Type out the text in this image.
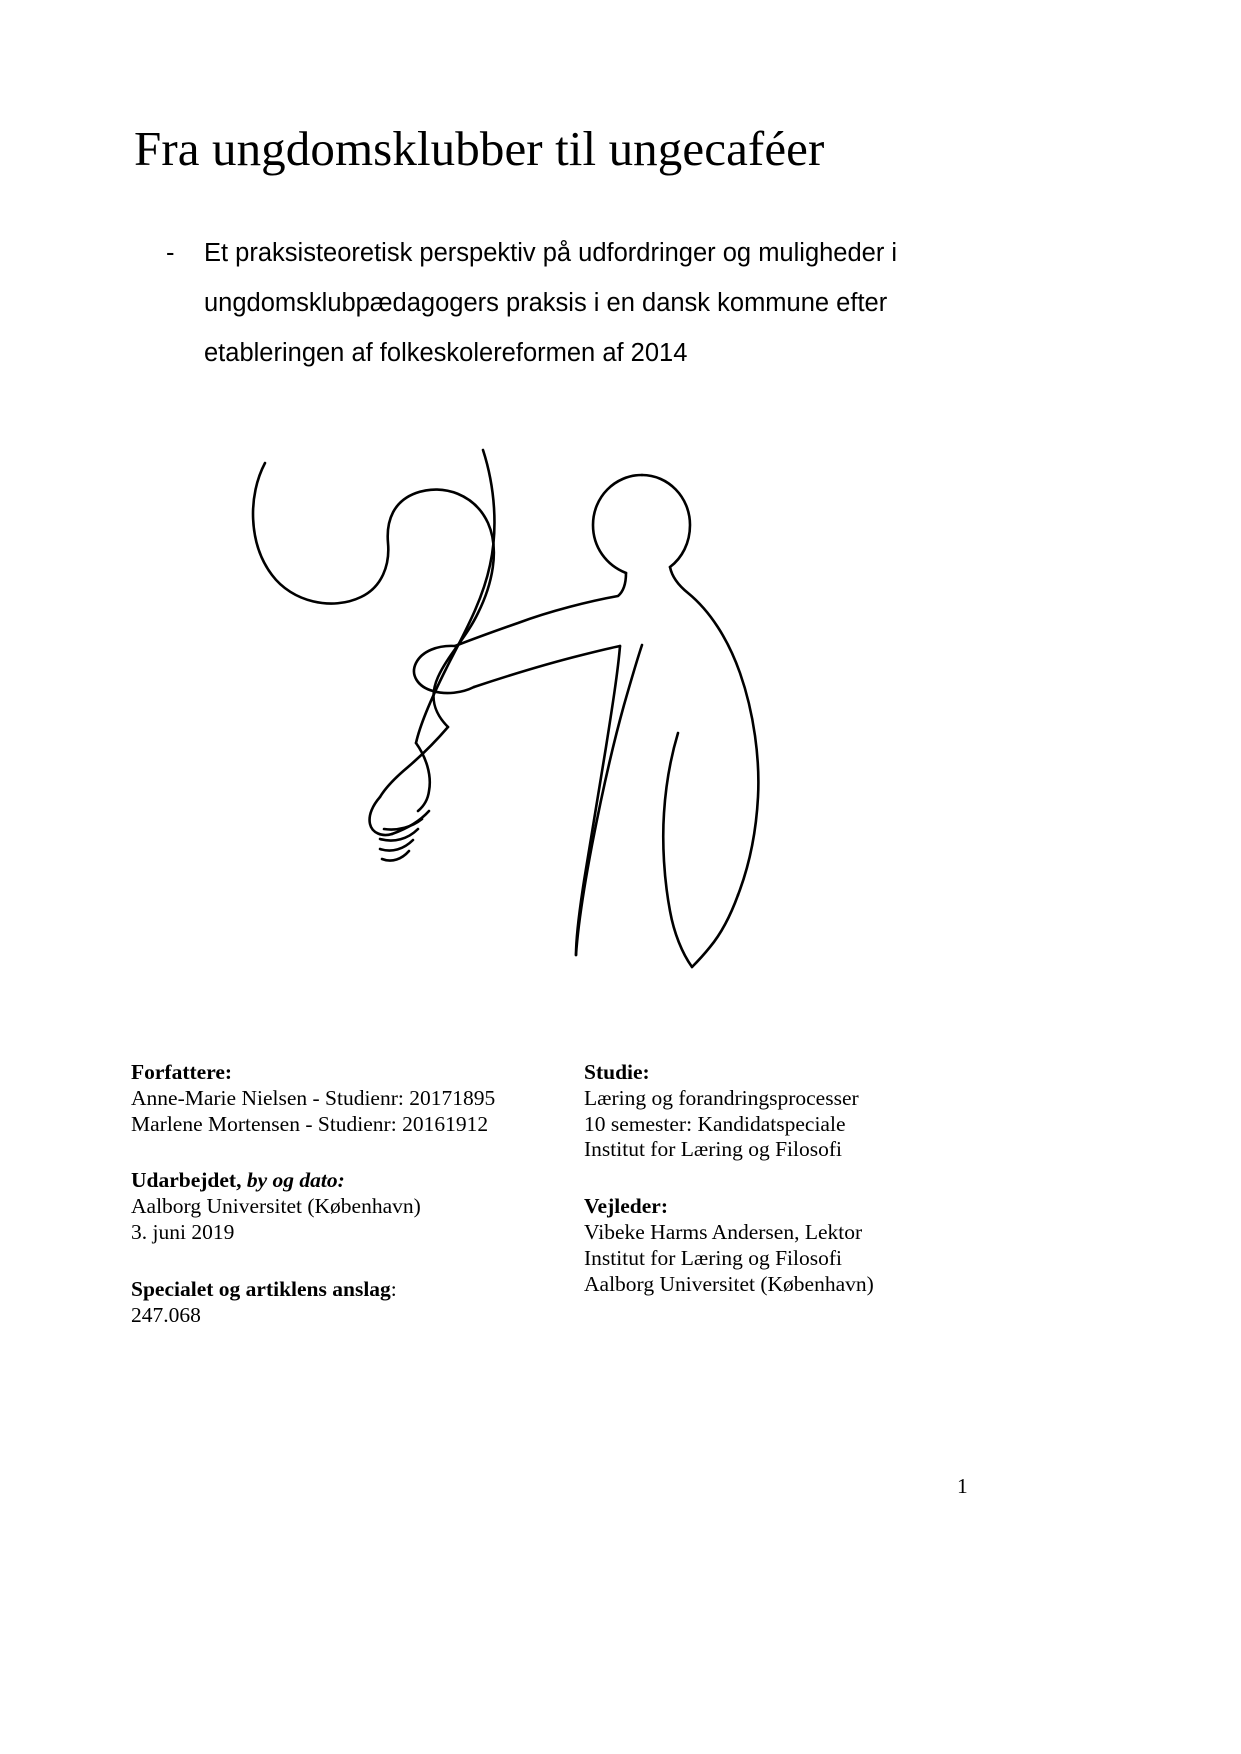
Fra ungdomsklubber til ungecaféer
-	Et praksisteoretisk perspektiv på udfordringer og muligheder i
ungdomsklubpædagogers praksis i en dansk kommune efter
etableringen af folkeskolereformen af 2014
Forfattere:
Anne-Marie Nielsen - Studienr: 20171895
Marlene Mortensen - Studienr: 20161912
Udarbejdet, by og dato:
Aalborg Universitet (København)
3. juni 2019
Specialet og artiklens anslag:
247.068
Studie:
Læring og forandringsprocesser
10 semester: Kandidatspeciale
Institut for Læring og Filosofi
Vejleder:
Vibeke Harms Andersen, Lektor
Institut for Læring og Filosofi
Aalborg Universitet (København)
1
